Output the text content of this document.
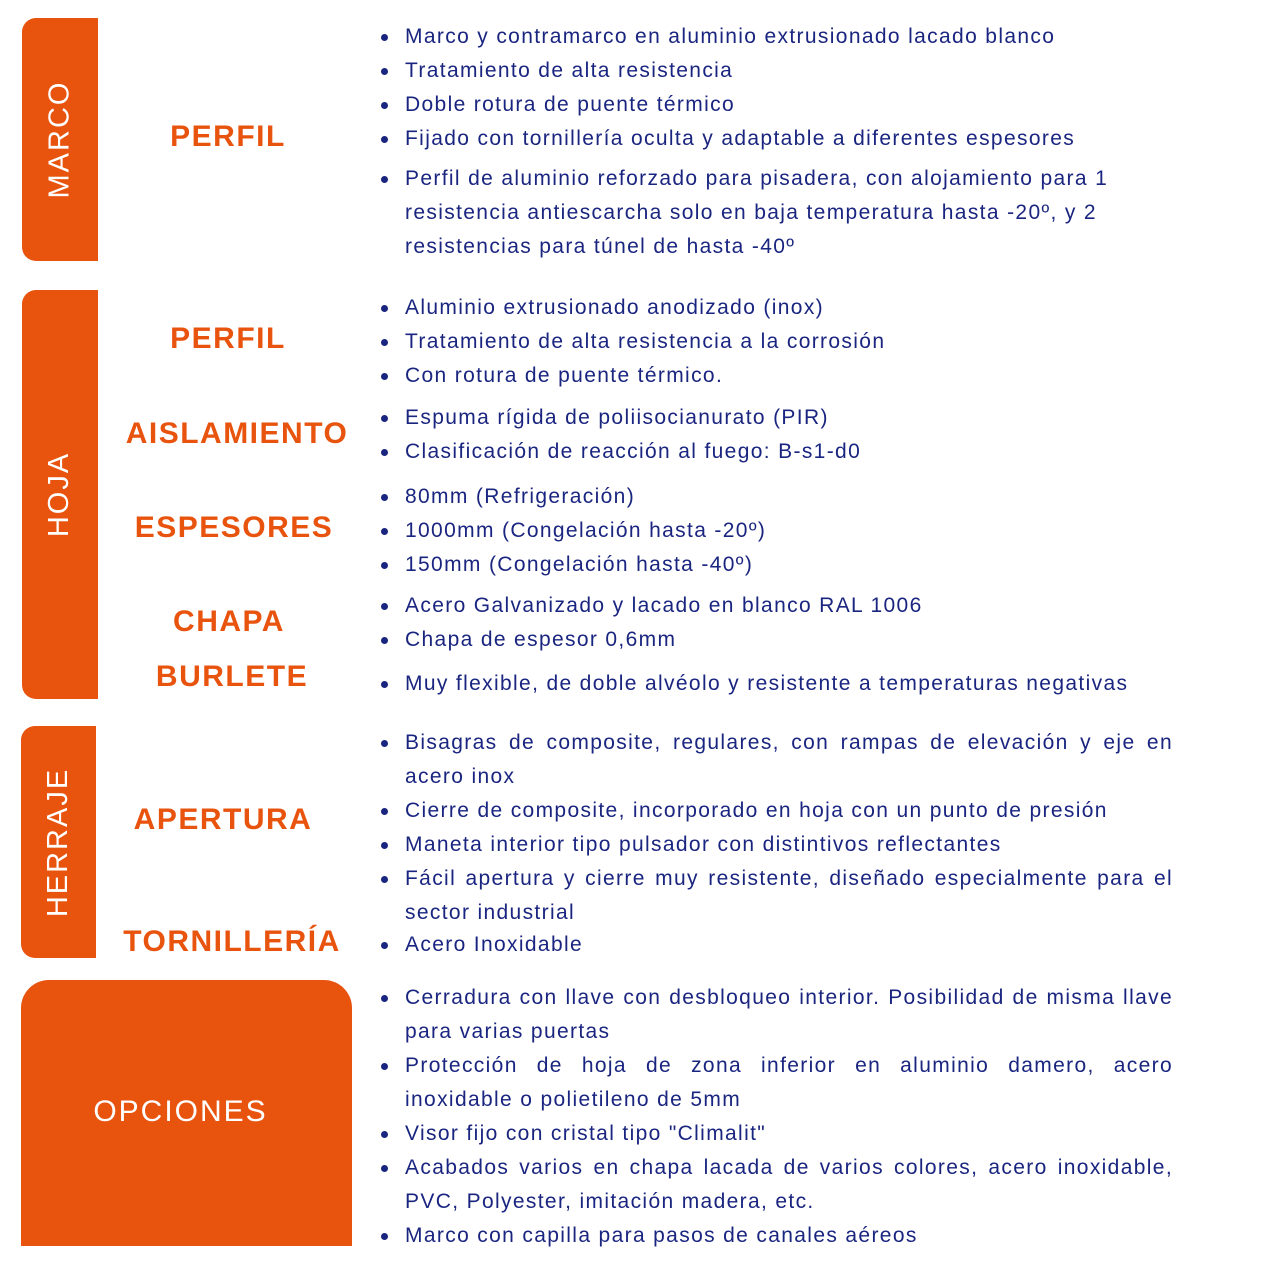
MARCO
HOJA
HERRAJE
OPCIONES
PERFIL
PERFIL
AISLAMIENTO
ESPESORES
CHAPA
BURLETE
APERTURA
TORNILLERÍA
Marco y contramarco en aluminio extrusionado lacado blanco
Tratamiento de alta resistencia
Doble rotura de puente térmico
Fijado con tornillería oculta y adaptable a diferentes espesores
Perfil de aluminio reforzado para pisadera, con alojamiento para 1 resistencia antiescarcha solo en baja temperatura hasta -20º, y 2 resistencias para túnel de hasta -40º
Aluminio extrusionado anodizado (inox)
Tratamiento de alta resistencia a la corrosión
Con rotura de puente térmico.
Espuma rígida de poliisocianurato (PIR)
Clasificación de reacción al fuego: B-s1-d0
80mm (Refrigeración)
1000mm (Congelación hasta -20º)
150mm (Congelación hasta -40º)
Acero Galvanizado y lacado en blanco RAL 1006
Chapa de espesor 0,6mm
Muy flexible, de doble alvéolo y resistente a temperaturas negativas
Bisagras de composite, regulares, con rampas de elevación y eje en acero inox
Cierre de composite, incorporado en hoja con un punto de presión
Maneta interior tipo pulsador con distintivos reflectantes
Fácil apertura y cierre muy resistente, diseñado especialmente para el sector industrial
Acero Inoxidable
Cerradura con llave con desbloqueo interior. Posibilidad de misma llave para varias puertas
Protección de hoja de zona inferior en aluminio damero, acero inoxidable o polietileno de 5mm
Visor fijo con cristal tipo "Climalit"
Acabados varios en chapa lacada de varios colores, acero inoxidable, PVC, Polyester, imitación madera, etc.
Marco con capilla para pasos de canales aéreos
